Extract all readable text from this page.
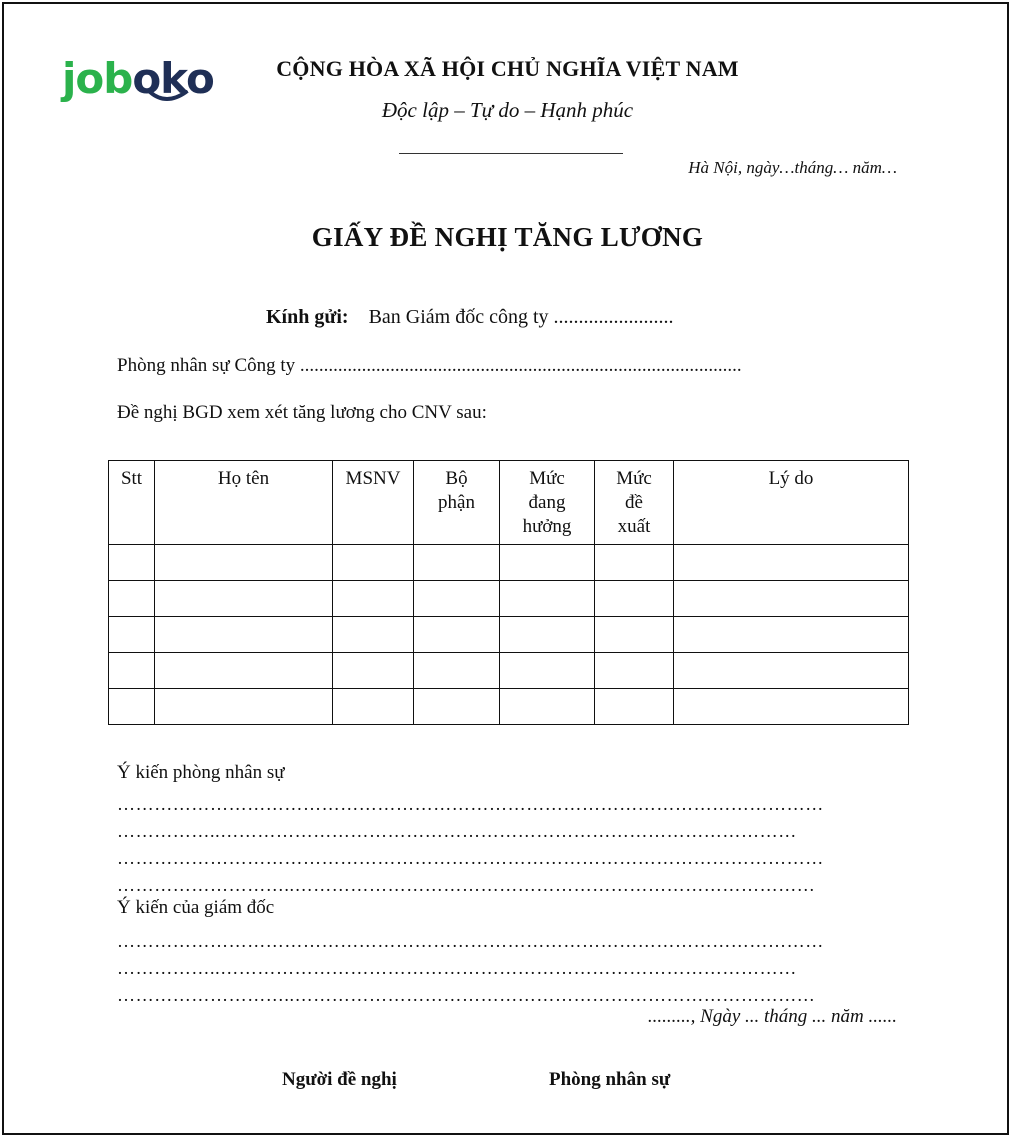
joboko	CỘNG HÒA XÃ HỘI CHỦ NGHĨA VIỆT NAM
Độc lập – Tự do – Hạnh phúc
Hà Nội, ngày…tháng… năm…
GIẤY ĐỀ NGHỊ TĂNG LƯƠNG
Kính gửi: Ban Giám đốc công ty ........................
Phòng nhân sự Công ty .............................................................................................
Đề nghị BGD xem xét tăng lương cho CNV sau:
Stt	Họ tên	MSNV	Bộ phận	Mức đang hưởng	Mức đề xuất	Lý do

Ý kiến phòng nhân sự
……………………………………………………………………………………………………
……………..…………………………………………………………………………………
……………………………………………………………………………………………………
………………………..…………………………………………………………………………
Ý kiến của giám đốc
……………………………………………………………………………………………………
……………..…………………………………………………………………………………
………………………..…………………………………………………………………………
........., Ngày ... tháng ... năm ......
Người đề nghị	Phòng nhân sự
